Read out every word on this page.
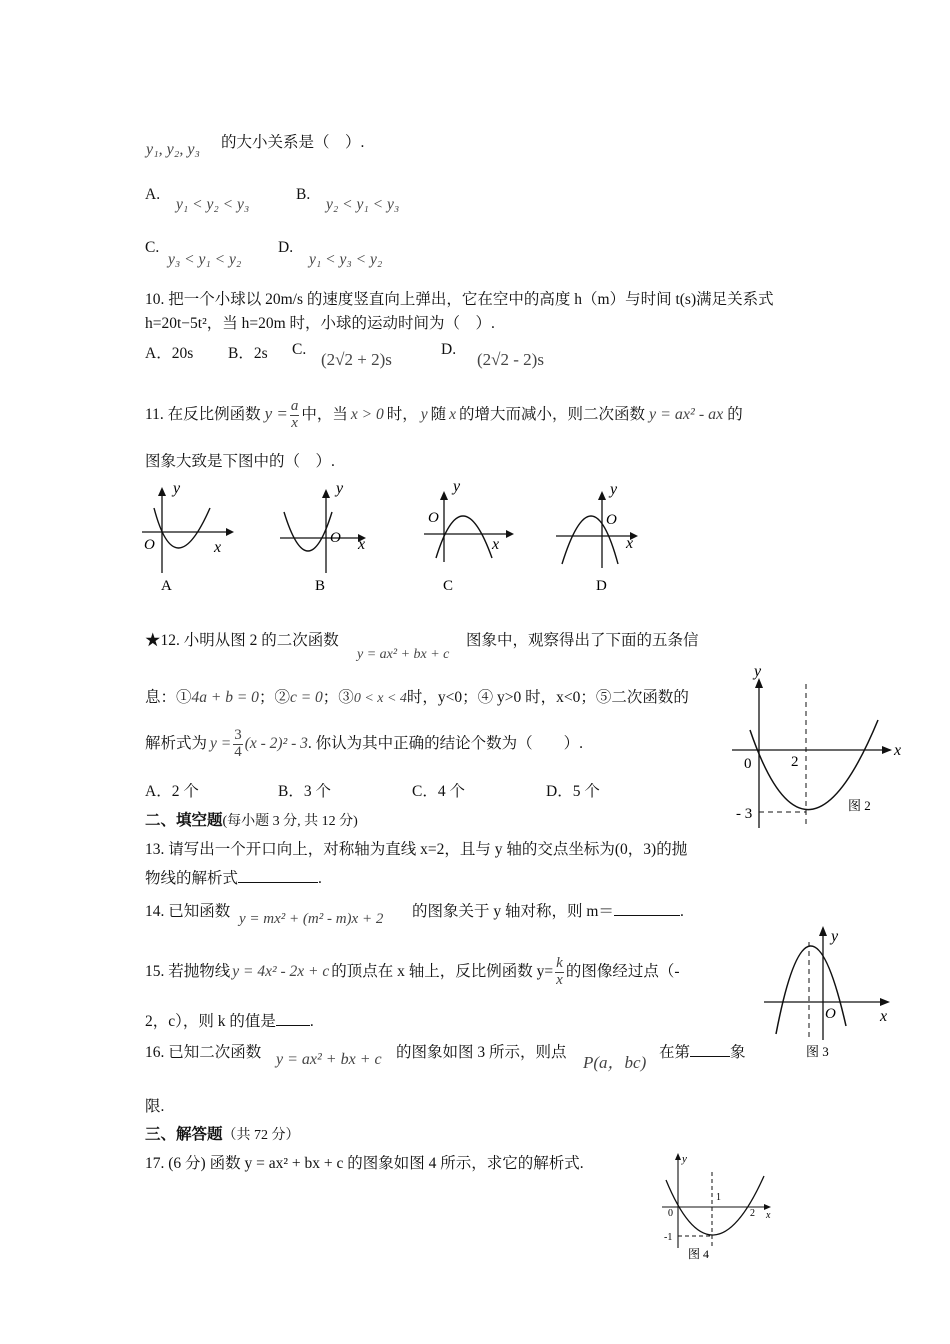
y₁, y₂, y₃ 的大小关系是（　）.
A.
y₁ < y₂ < y₃
B.
y₂ < y₁ < y₃
C.
y₃ < y₁ < y₂
D.
y₁ < y₃ < y₂
10. 把一个小球以 20m/s 的速度竖直向上弹出，它在空中的高度 h（m）与时间 t(s)满足关系式
h=20t−5t²，当 h=20m 时，小球的运动时间为（　）.
A．20s B．2s C.
(2√2 + 2)s
D.
(2√2 - 2)s
11. 在反比例函数 $y = \frac{a}{x}$ 中，当 x > 0 时， y 随 x 的增大而减小，则二次函数 y = ax² - ax 的
图象大致是下图中的（　）.
y
x
O
A
y
x
O
B
y
x
O
C
y
x
O
D
★12. 小明从图 2 的二次函数
y = ax² + bx + c
图象中，观察得出了下面的五条信
息：①4a + b = 0；②c = 0；③0 < x < 4时，y<0；④ y>0 时，x<0；⑤二次函数的
解析式为 $y = \frac{3}{4} (x - 2)^2 - 3$. 你认为其中正确的结论个数为（　　）.
A．2 个	B．3 个	C．4 个	D．5 个
y
x
0	2
- 3
图 2
二、填空题(每小题 3 分, 共 12 分)
13. 请写出一个开口向上，对称轴为直线 x=2，且与 y 轴的交点坐标为(0，3)的抛
物线的解析式	.
14. 已知函数 y = mx² + (m² - m)x + 2 的图象关于 y 轴对称，则 m＝	.
15. 若抛物线 y = 4x² - 2x + c 的顶点在 x 轴上，反比例函数 $y= \frac{k}{x}$ 的图像经过点（-
2，c），则 k 的值是 .
y
x
O
图 3
16. 已知二次函数 y = ax² + bx + c 的图象如图 3 所示，则点
P(a，bc)
在第	象
限.
三、解答题（共 72 分）
17. (6 分) 函数 y = ax² + bx + c 的图象如图 4 所示，求它的解析式.	y
x
0
1
2
-1
图 4
